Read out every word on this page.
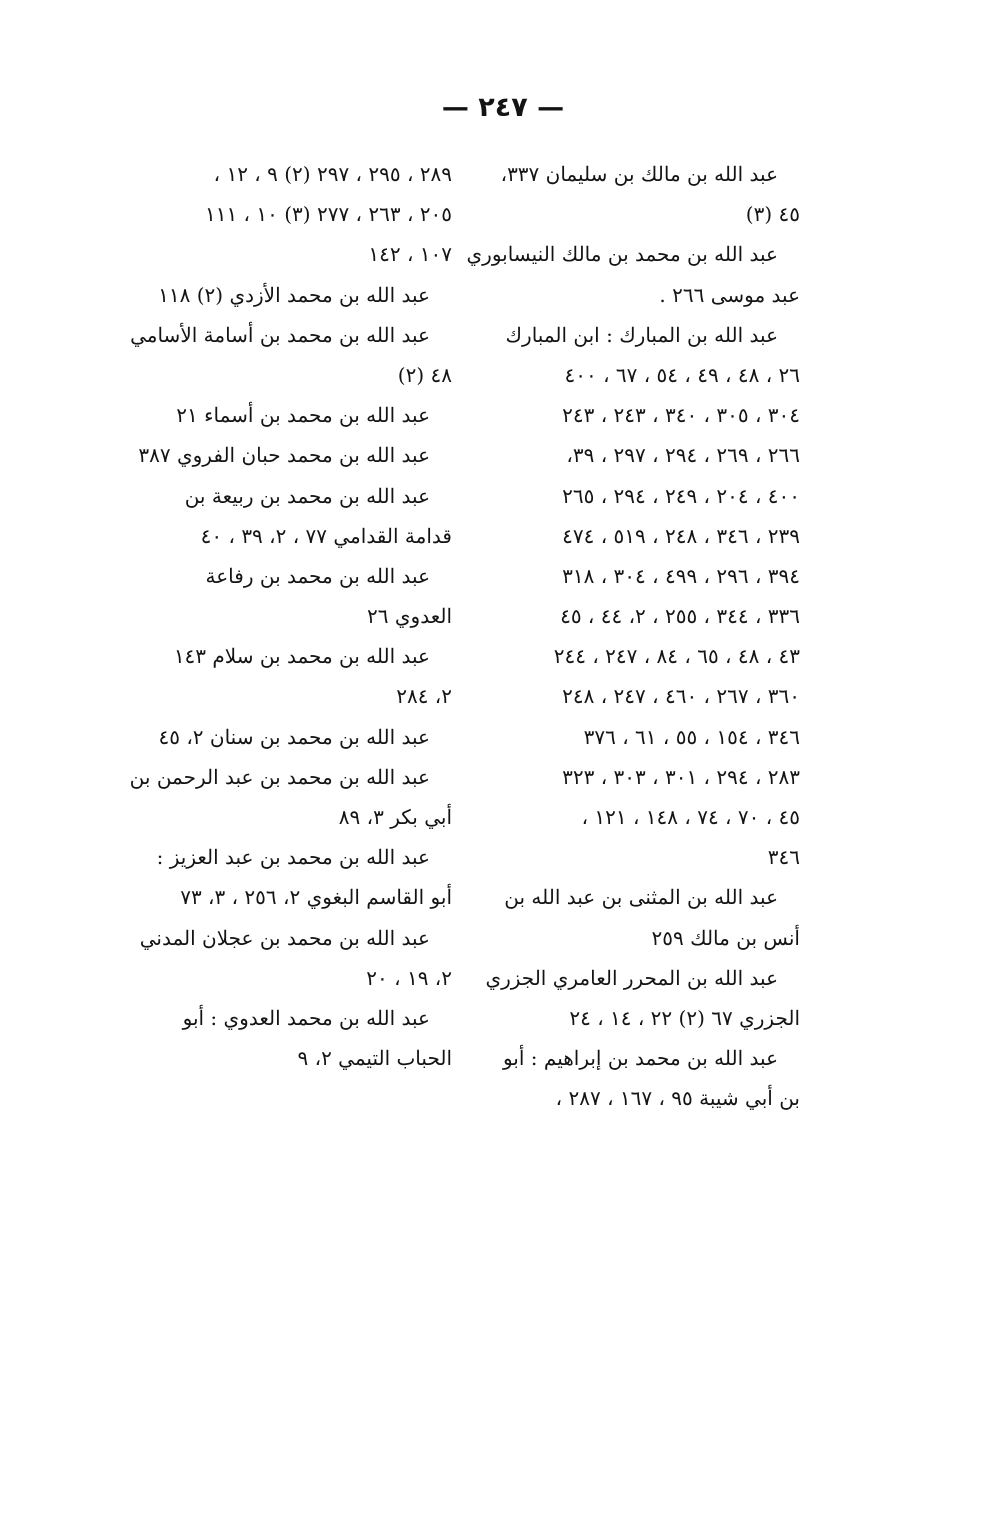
— ٢٤٧ —
عبد الله بن مالك بن سليمان ٣٣٧،
٤٥ (٣)
عبد الله بن محمد بن مالك النيسابوري
عبد موسى ٢٦٦ .
عبد الله بن المبارك : ابن المبارك
٢٦ ، ٤٨ ، ٤٩ ، ٥٤ ، ٦٧ ، ٤٠٠
٣٠٤ ، ٣٠٥ ، ٣٤٠ ، ٢٤٣ ، ٢٤٣
٢٦٦ ، ٢٦٩ ، ٢٩٤ ، ٢٩٧ ، ٣٩،
٤٠٠ ، ٢٠٤ ، ٢٤٩ ، ٢٩٤ ، ٢٦٥
٢٣٩ ، ٣٤٦ ، ٢٤٨ ، ٥١٩ ، ٤٧٤
٣٩٤ ، ٢٩٦ ، ٤٩٩ ، ٣٠٤ ، ٣١٨
٣٣٦ ، ٣٤٤ ، ٢٥٥ ، ٢، ٤٤ ، ٤٥
٤٣ ، ٤٨ ، ٦٥ ، ٨٤ ، ٢٤٧ ، ٢٤٤
٣٦٠ ، ٢٦٧ ، ٤٦٠ ، ٢٤٧ ، ٢٤٨
٣٤٦ ، ١٥٤ ، ٥٥ ، ٦١ ، ٣٧٦
٢٨٣ ، ٢٩٤ ، ٣٠١ ، ٣٠٣ ، ٣٢٣
٤٥ ، ٧٠ ، ٧٤ ، ١٤٨ ، ١٢١ ،
٣٤٦
عبد الله بن المثنى بن عبد الله بن
أنس بن مالك ٢٥٩
عبد الله بن المحرر العامري الجزري
الجزري ٦٧ (٢) ٢٢ ، ١٤ ، ٢٤
عبد الله بن محمد بن إبراهيم : أبو
بن أبي شيبة ٩٥ ، ١٦٧ ، ٢٨٧ ،
٢٨٩ ، ٢٩٥ ، ٢٩٧ (٢) ٩ ، ١٢ ،
٢٠٥ ، ٢٦٣ ، ٢٧٧ (٣) ١٠ ، ١١١
١٠٧ ، ١٤٢
عبد الله بن محمد الأزدي (٢) ١١٨
عبد الله بن محمد بن أسامة الأسامي
٤٨ (٢)
عبد الله بن محمد بن أسماء ٢١
عبد الله بن محمد حبان الفروي ٣٨٧
عبد الله بن محمد بن ربيعة بن
قدامة القدامي ٧٧ ، ٢، ٣٩ ، ٤٠
عبد الله بن محمد بن رفاعة
العدوي ٢٦
عبد الله بن محمد بن سلام ١٤٣
٢، ٢٨٤
عبد الله بن محمد بن سنان ٢، ٤٥
عبد الله بن محمد بن عبد الرحمن بن
أبي بكر ٣، ٨٩
عبد الله بن محمد بن عبد العزيز :
أبو القاسم البغوي ٢، ٢٥٦ ، ٣، ٧٣
عبد الله بن محمد بن عجلان المدني
٢، ١٩ ، ٢٠
عبد الله بن محمد العدوي : أبو
الحباب التيمي ٢، ٩
